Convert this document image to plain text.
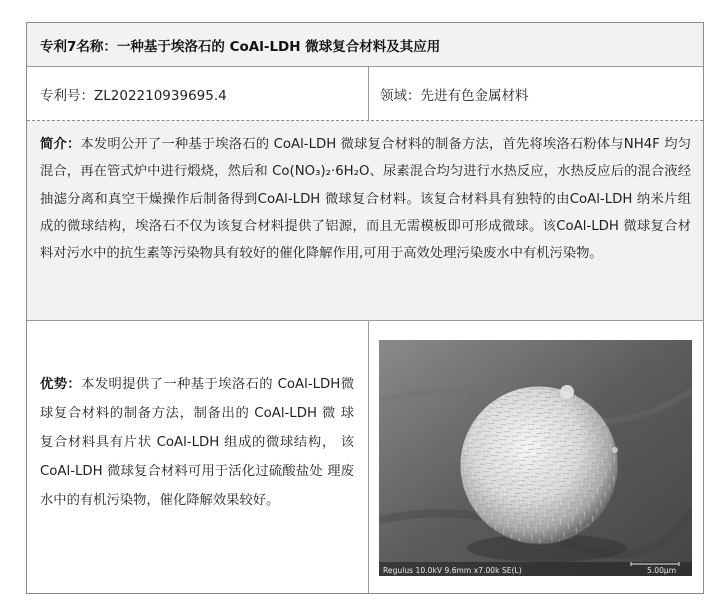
专利7名称：一种基于埃洛石的 CoAl-LDH 微球复合材料及其应用
专利号：ZL202210939695.4	领域：先进有色金属材料

简介：本发明公开了一种基于埃洛石的 CoAl-LDH 微球复合材料的制备方法，首先将埃洛石粉体与NH4F 均匀混合，再在管式炉中进行煅烧，然后和 Co(NO₃)₂·6H₂O、尿素混合均匀进行水热反应，水热反应后的混合液经抽滤分离和真空干燥操作后制备得到CoAl-LDH 微球复合材料。该复合材料具有独特的由CoAl-LDH 纳米片组成的微球结构，埃洛石不仅为该复合材料提供了铝源，而且无需模板即可形成微球。该CoAl-LDH 微球复合材料对污水中的抗生素等污染物具有较好的催化降解作用,可用于高效处理污染废水中有机污染物。

优势：本发明提供了一种基于埃洛石的 CoAl-LDH微球复合材料的制备方法，制备出的 CoAl-LDH 微 球复合材料具有片状 CoAl-LDH 组成的微球结构， 该 CoAl-LDH 微球复合材料可用于活化过硫酸盐处 理废水中的有机污染物，催化降解效果较好。

Regulus 10.0kV 9.6mm x7.00k SE(L)	5.00μm
